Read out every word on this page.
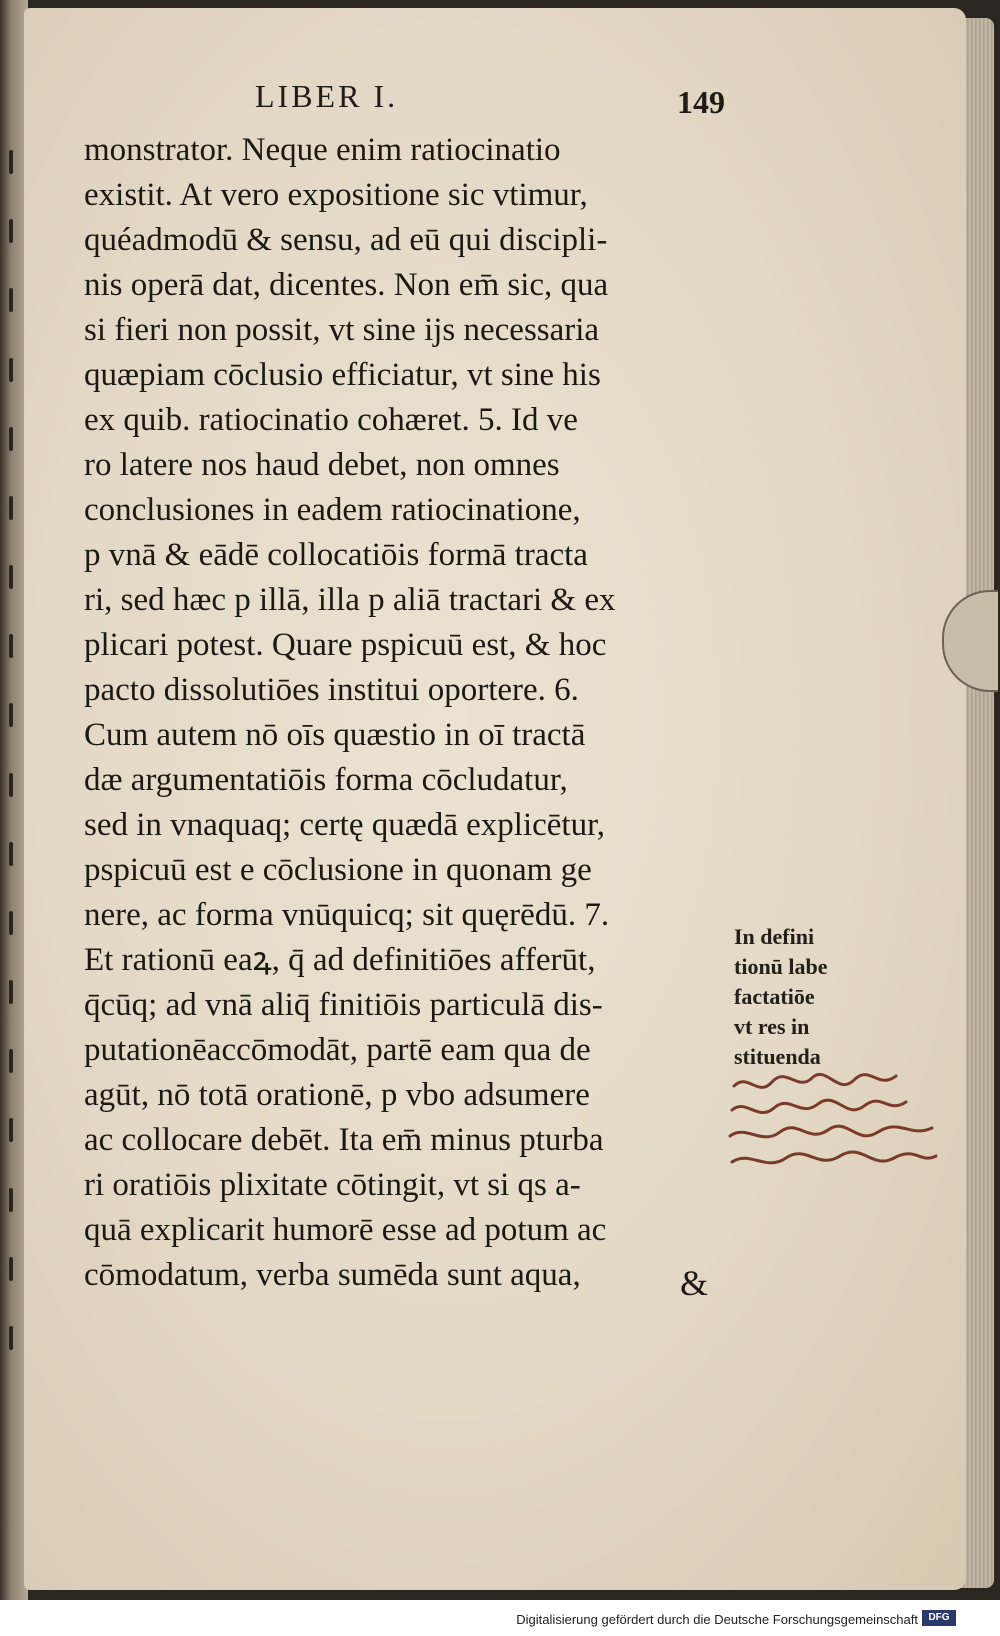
LIBER I.	149
monstrator. Neque enim ratiocinatio
existit. At vero expositione sic vtimur,
quéadmodū & sensu, ad eū qui discipli-
nis operā dat, dicentes. Non em̄ sic, qua
si fieri non possit, vt sine ijs necessaria
quæpiam cōclusio efficiatur, vt sine his
ex quib. ratiocinatio cohæret. 5. Id ve
ro latere nos haud debet, non omnes
conclusiones in eadem ratiocinatione,
p vnā & eādē collocatiōis formā tracta
ri, sed hæc p illā, illa p aliā tractari & ex
plicari potest. Quare pspicuū est, & hoc
pacto dissolutiōes institui oportere. 6.
Cum autem nō oīs quæstio in oī tractā
dæ argumentatiōis forma cōcludatur,
sed in vnaquaq; certę quædā explicētur,
pspicuū est e cōclusione in quonam ge
nere, ac forma vnūquicq; sit quęrēdū. 7.
Et rationū eaꝝ, q̄ ad definitiōes afferūt,
q̄cūq; ad vnā aliq̄ finitiōis particulā dis-
putationēaccōmodāt, partē eam qua de
agūt, nō totā orationē, p vbo adsumere
ac collocare debēt. Ita em̄ minus pturba
ri oratiōis plixitate cōtingit, vt si qs a-
quā explicarit humorē esse ad potum ac
cōmodatum, verba sumēda sunt aqua,	&
In defini
tionū labe
factatiōe
vt res in
stituenda
Digitalisierung gefördert durch die Deutsche Forschungsgemeinschaft	DFG
